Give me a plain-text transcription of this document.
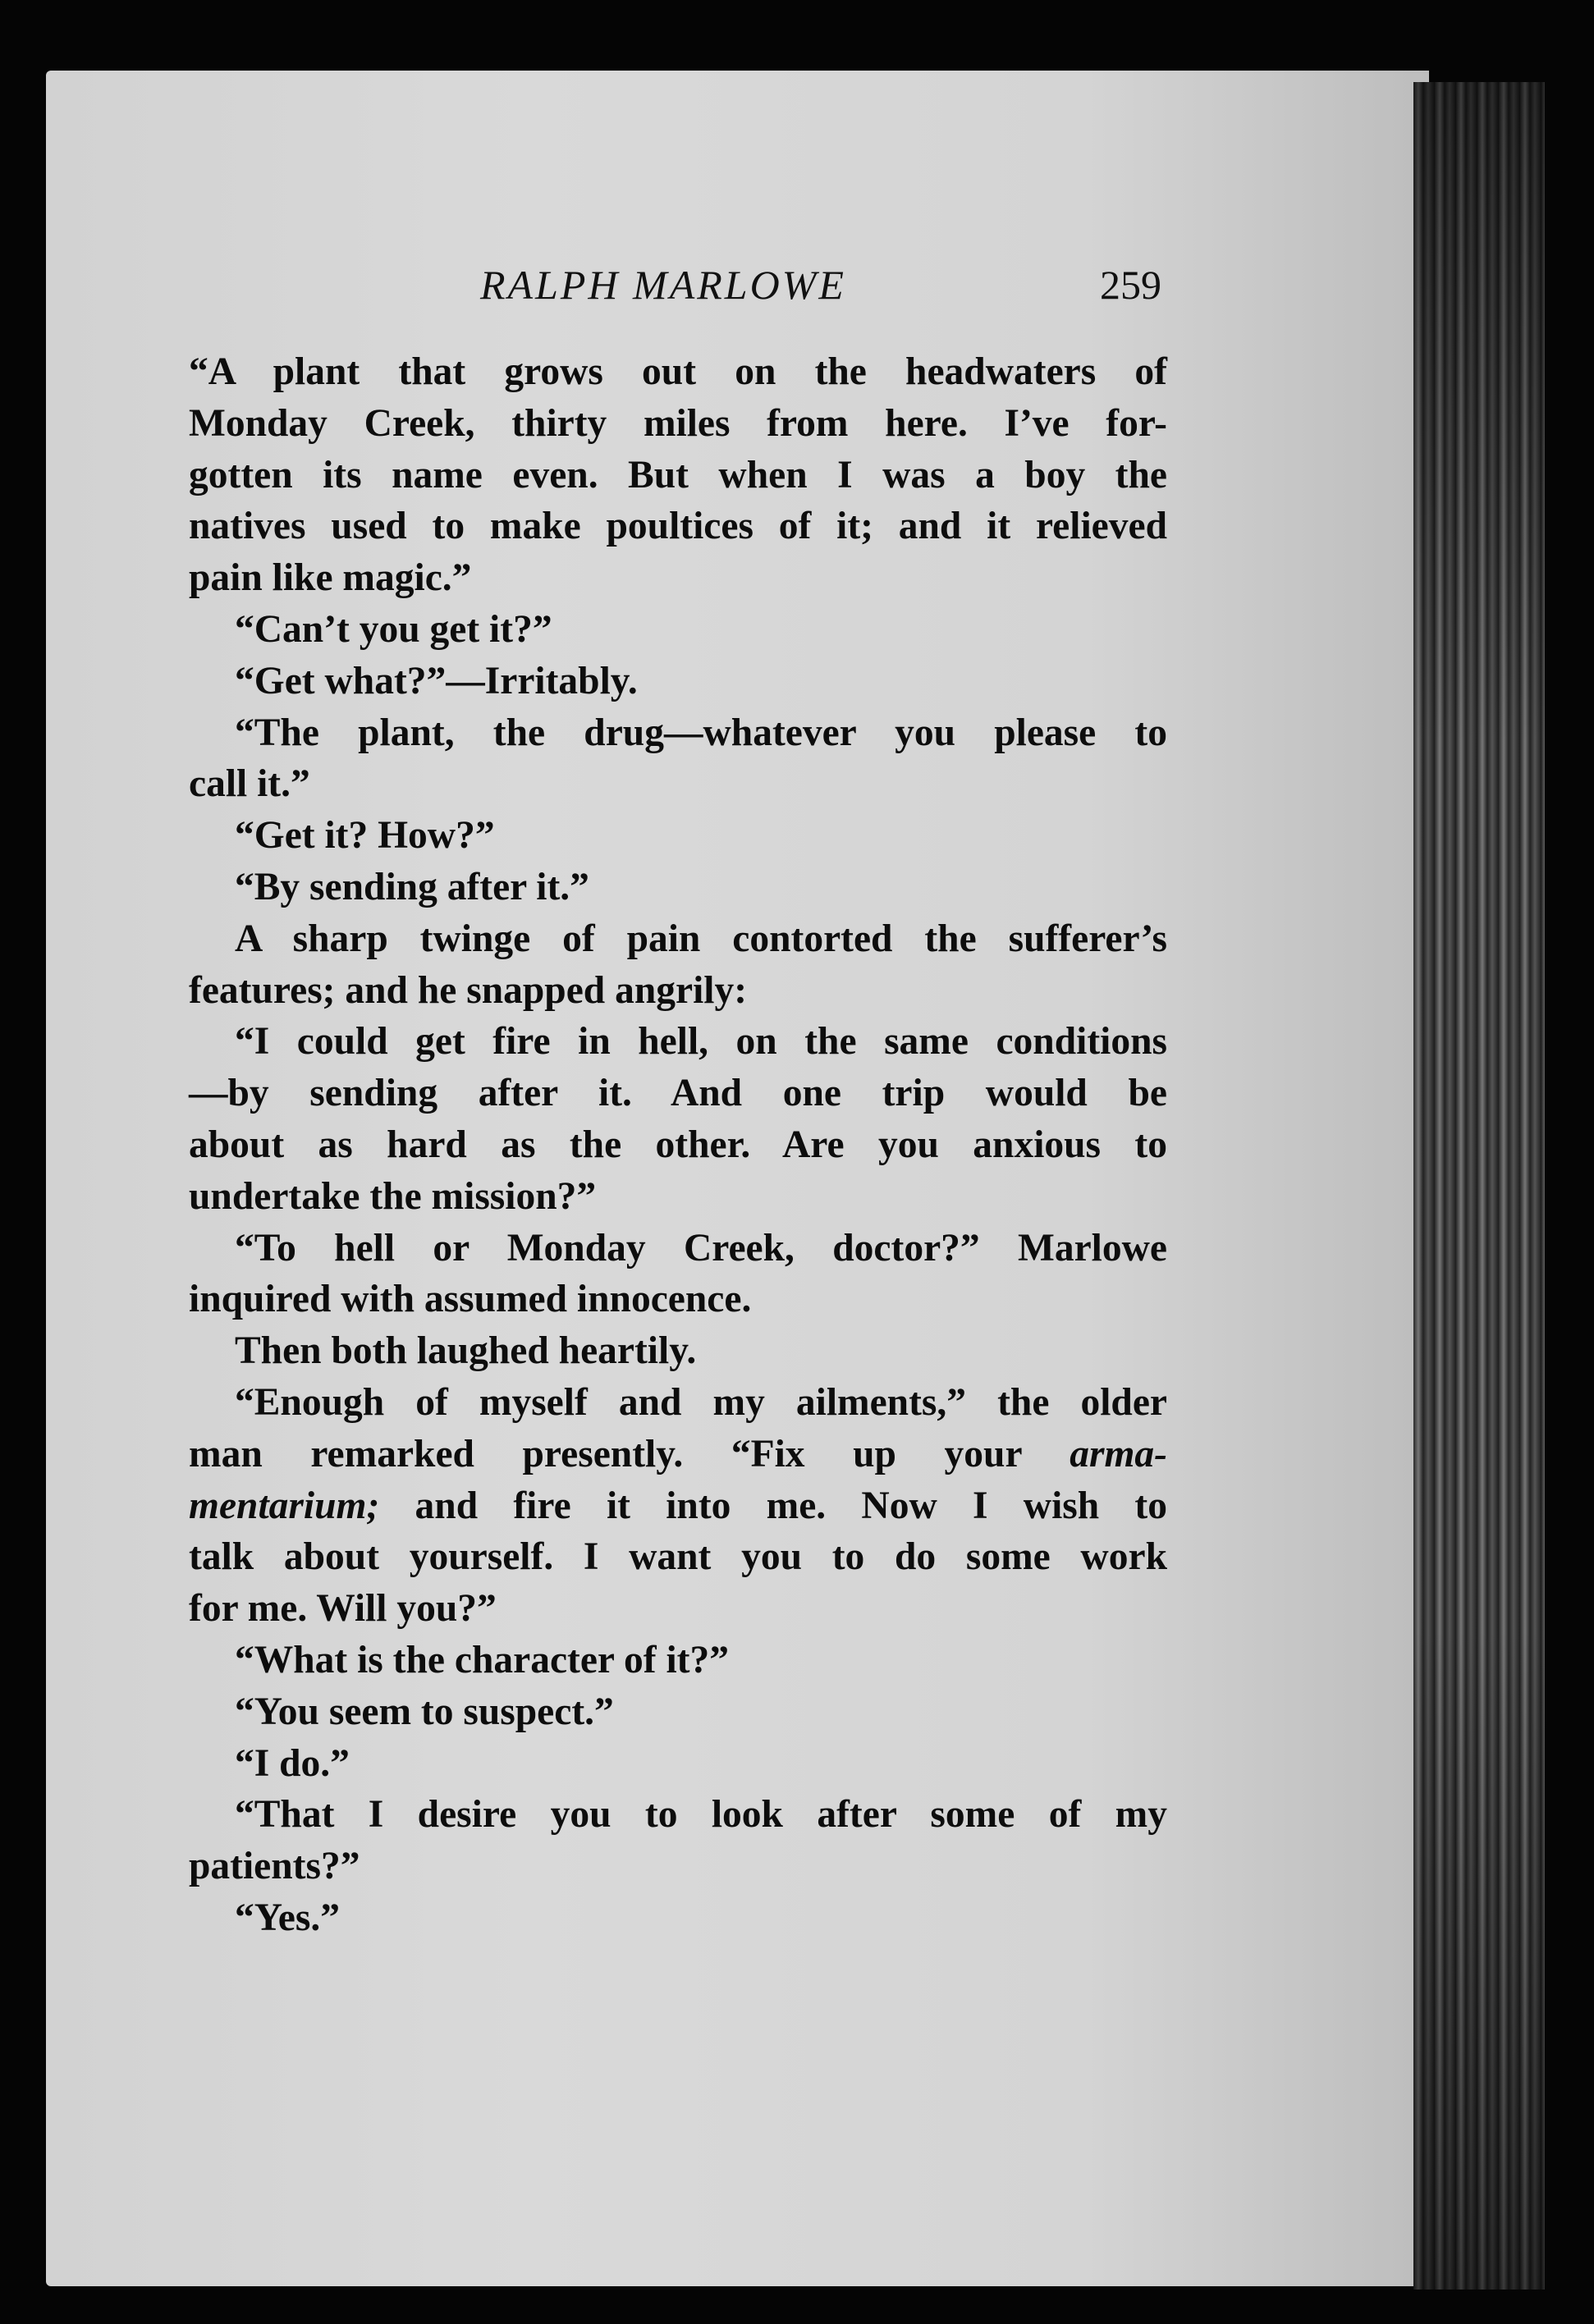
RALPH MARLOWE	259
“A plant that grows out on the headwaters of
Monday Creek, thirty miles from here. I’ve for-
gotten its name even. But when I was a boy the
natives used to make poultices of it; and it relieved
pain like magic.”
“Can’t you get it?”
“Get what?”—Irritably.
“The plant, the drug—whatever you please to
call it.”
“Get it? How?”
“By sending after it.”
A sharp twinge of pain contorted the sufferer’s
features; and he snapped angrily:
“I could get fire in hell, on the same conditions
—by sending after it. And one trip would be
about as hard as the other. Are you anxious to
undertake the mission?”
“To hell or Monday Creek, doctor?” Marlowe
inquired with assumed innocence.
Then both laughed heartily.
“Enough of myself and my ailments,” the older
man remarked presently. “Fix up your arma-
mentarium; and fire it into me. Now I wish to
talk about yourself. I want you to do some work
for me. Will you?”
“What is the character of it?”
“You seem to suspect.”
“I do.”
“That I desire you to look after some of my
patients?”
“Yes.”
